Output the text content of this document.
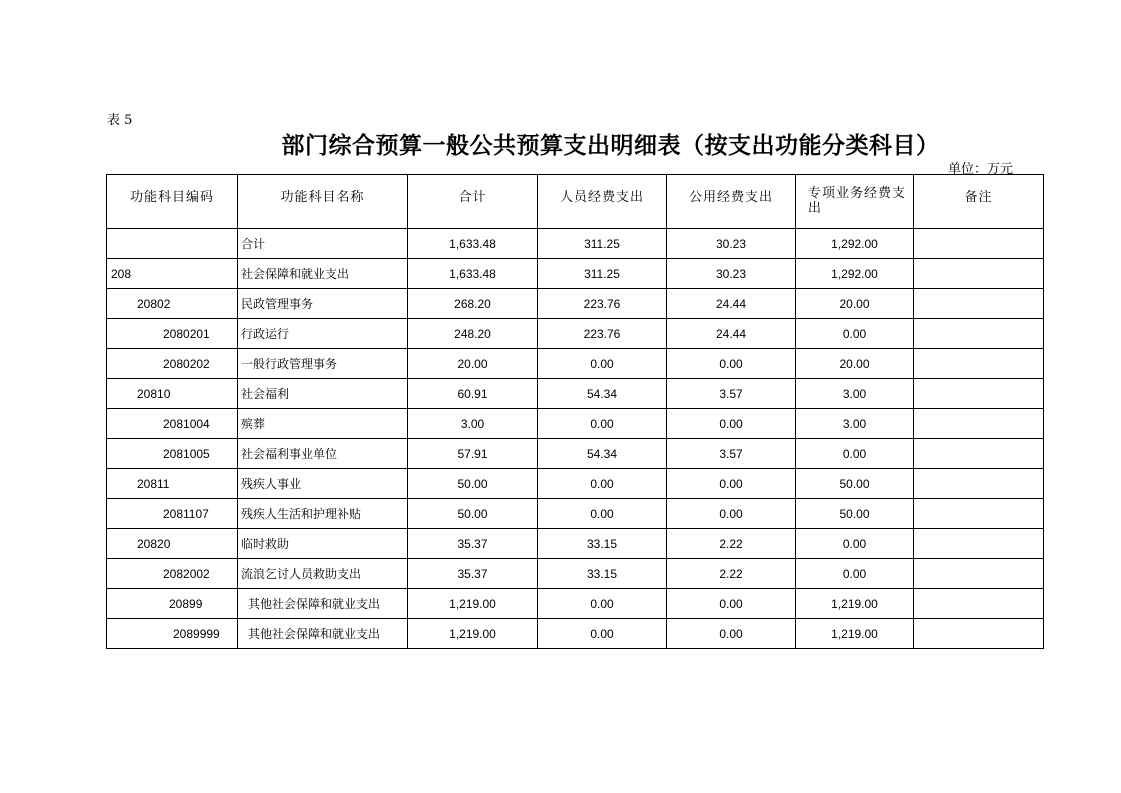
表 5
部门综合预算一般公共预算支出明细表（按支出功能分类科目）
单位：万元
功能科目编码	功能科目名称	合计	人员经费支出	公用经费支出	专项业务经费支出	备注
	合计	1,633.48	311.25	30.23	1,292.00	
208	社会保障和就业支出	1,633.48	311.25	30.23	1,292.00	
20802	民政管理事务	268.20	223.76	24.44	20.00	
2080201	行政运行	248.20	223.76	24.44	0.00	
2080202	一般行政管理事务	20.00	0.00	0.00	20.00	
20810	社会福利	60.91	54.34	3.57	3.00	
2081004	殡葬	3.00	0.00	0.00	3.00	
2081005	社会福利事业单位	57.91	54.34	3.57	0.00	
20811	残疾人事业	50.00	0.00	0.00	50.00	
2081107	残疾人生活和护理补贴	50.00	0.00	0.00	50.00	
20820	临时救助	35.37	33.15	2.22	0.00	
2082002	流浪乞讨人员救助支出	35.37	33.15	2.22	0.00	
20899	其他社会保障和就业支出	1,219.00	0.00	0.00	1,219.00	
2089999	其他社会保障和就业支出	1,219.00	0.00	0.00	1,219.00	
